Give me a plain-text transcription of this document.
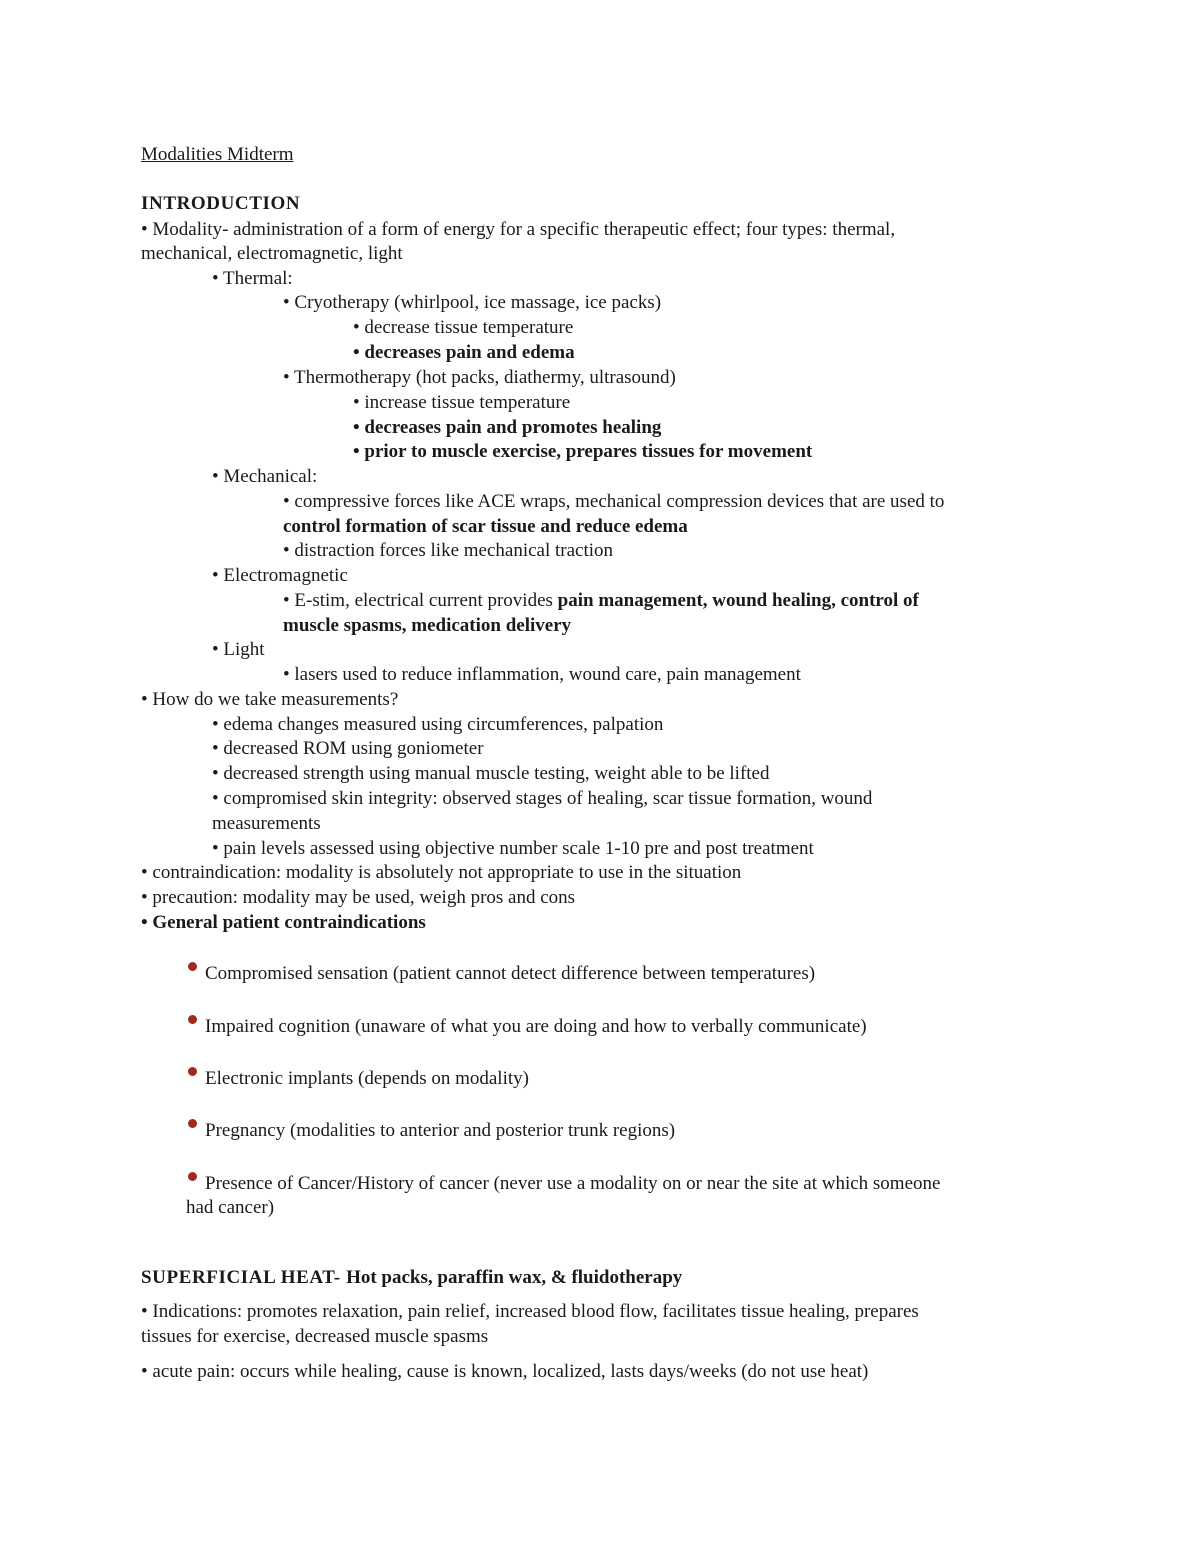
Modalities Midterm
INTRODUCTION
• Modality- administration of a form of energy for a specific therapeutic effect; four types: thermal,
mechanical, electromagnetic, light
• Thermal:
• Cryotherapy (whirlpool, ice massage, ice packs)
• decrease tissue temperature
• decreases pain and edema
• Thermotherapy (hot packs, diathermy, ultrasound)
• increase tissue temperature
• decreases pain and promotes healing
• prior to muscle exercise, prepares tissues for movement
• Mechanical:
• compressive forces like ACE wraps, mechanical compression devices that are used to
control formation of scar tissue and reduce edema
• distraction forces like mechanical traction
• Electromagnetic
• E-stim, electrical current provides pain management, wound healing, control of
muscle spasms, medication delivery
• Light
• lasers used to reduce inflammation, wound care, pain management
• How do we take measurements?
• edema changes measured using circumferences, palpation
• decreased ROM using goniometer
• decreased strength using manual muscle testing, weight able to be lifted
• compromised skin integrity: observed stages of healing, scar tissue formation, wound
measurements
• pain levels assessed using objective number scale 1-10 pre and post treatment
• contraindication: modality is absolutely not appropriate to use in the situation
• precaution: modality may be used, weigh pros and cons
• General patient contraindications
Compromised sensation (patient cannot detect difference between temperatures)
Impaired cognition (unaware of what you are doing and how to verbally communicate)
Electronic implants (depends on modality)
Pregnancy (modalities to anterior and posterior trunk regions)
Presence of Cancer/History of cancer (never use a modality on or near the site at which someone
had cancer)
SUPERFICIAL HEAT- Hot packs, paraffin wax, & fluidotherapy
• Indications: promotes relaxation, pain relief, increased blood flow, facilitates tissue healing, prepares
tissues for exercise, decreased muscle spasms
• acute pain: occurs while healing, cause is known, localized, lasts days/weeks (do not use heat)
